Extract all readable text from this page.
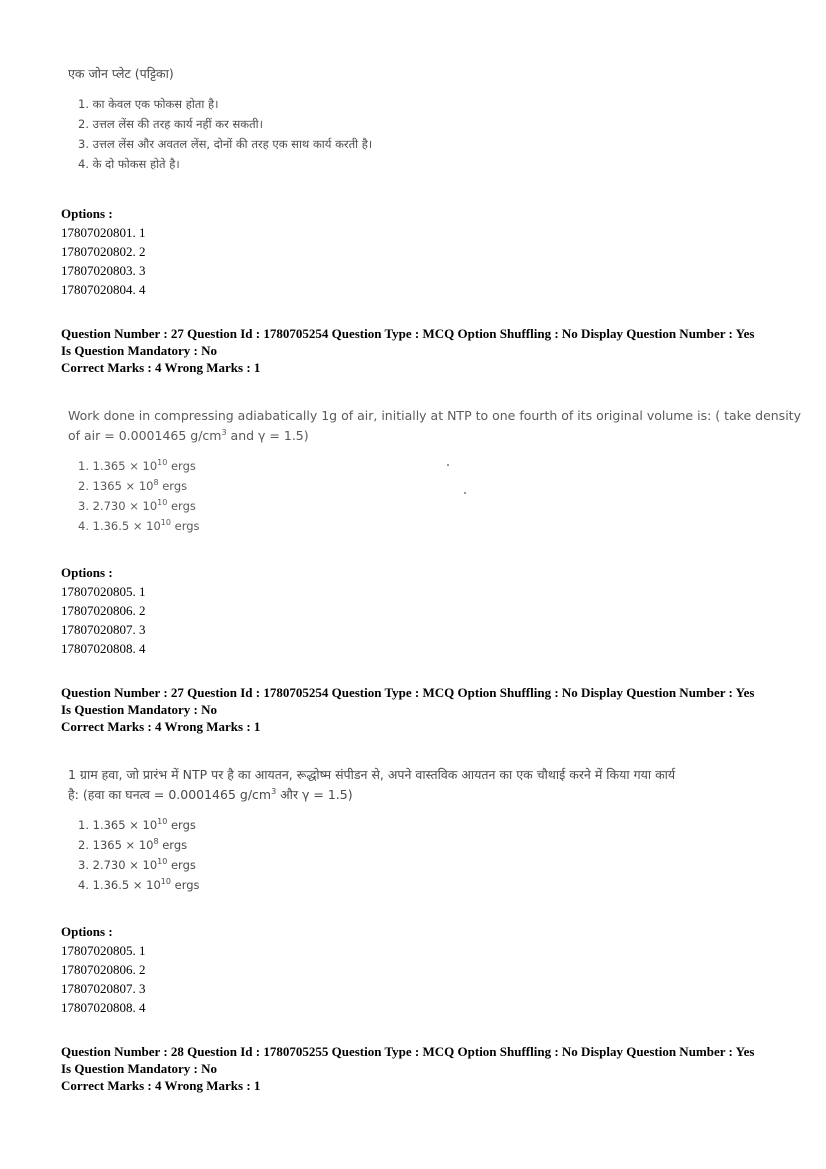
एक जोन प्लेट (पट्टिका)
1. का केवल एक फोकस होता है।
2. उत्तल लेंस की तरह कार्य नहीं कर सकती।
3. उत्तल लेंस और अवतल लेंस, दोनों की तरह एक साथ कार्य करती है।
4. के दो फोकस होते है।
Options :
17807020801. 1
17807020802. 2
17807020803. 3
17807020804. 4
Question Number : 27 Question Id : 1780705254 Question Type : MCQ Option Shuffling : No Display Question Number : Yes
Is Question Mandatory : No
Correct Marks : 4 Wrong Marks : 1
Work done in compressing adiabatically 1g of air, initially at NTP to one fourth of its original volume is: ( take density
of air = 0.0001465 $g/cm^3$ and γ = 1.5)
1. $1.365 \times 10^{10}$ ergs
2. $1365 \times 10^8$ ergs
3. $2.730 \times 10^{10}$ ergs
4. $1.36.5 \times 10^{10}$ ergs
Options :
17807020805. 1
17807020806. 2
17807020807. 3
17807020808. 4
Question Number : 27 Question Id : 1780705254 Question Type : MCQ Option Shuffling : No Display Question Number : Yes
Is Question Mandatory : No
Correct Marks : 4 Wrong Marks : 1
1 ग्राम हवा, जो प्रारंभ में NTP पर है का आयतन, रूद्धोष्म संपीडन से, अपने वास्तविक आयतन का एक चौथाई करने में किया गया कार्य
है: (हवा का घनत्व = 0.0001465 $g/cm^3$ और γ = 1.5)
1. $1.365 \times 10^{10}$ ergs
2. $1365 \times 10^8$ ergs
3. $2.730 \times 10^{10}$ ergs
4. $1.36.5 \times 10^{10}$ ergs
Options :
17807020805. 1
17807020806. 2
17807020807. 3
17807020808. 4
Question Number : 28 Question Id : 1780705255 Question Type : MCQ Option Shuffling : No Display Question Number : Yes
Is Question Mandatory : No
Correct Marks : 4 Wrong Marks : 1
